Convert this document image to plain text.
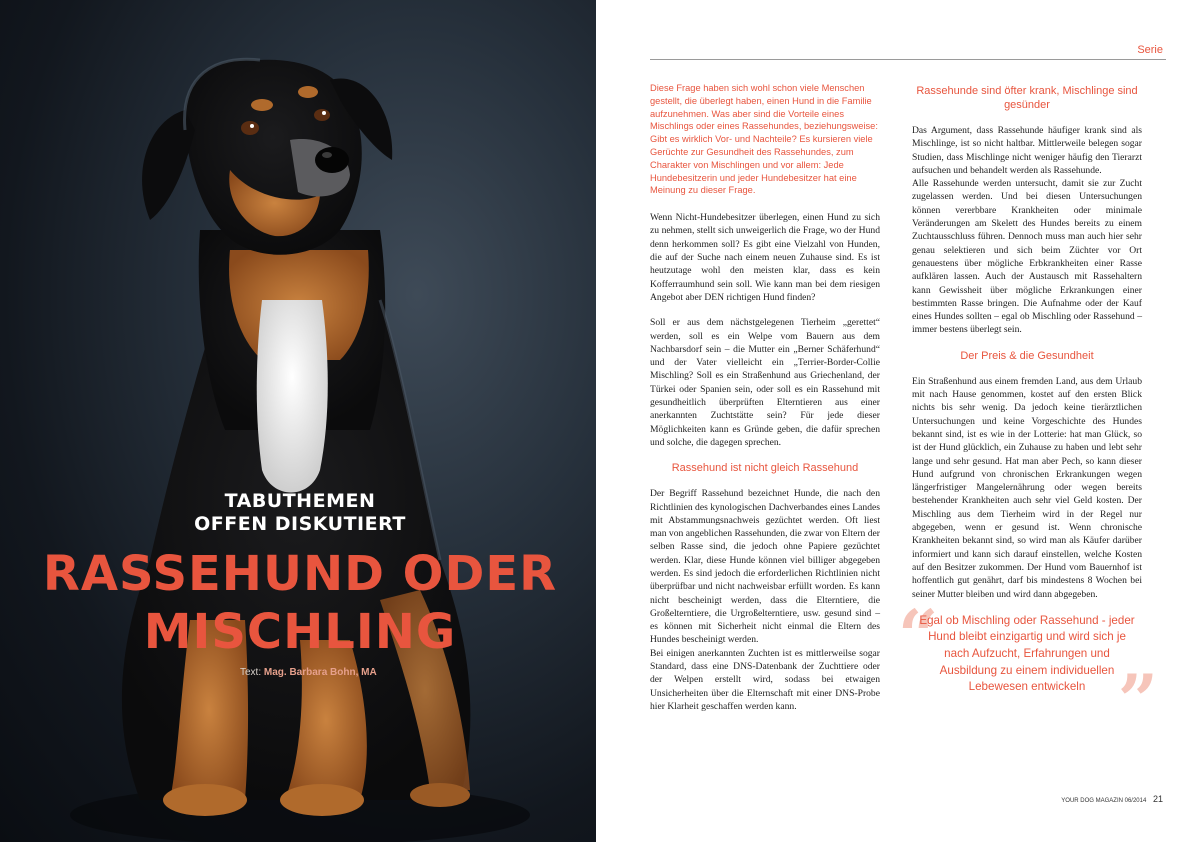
TABUTHEMEN
OFFEN DISKUTIERT
RASSEHUND ODER
MISCHLING
Text: Mag. Barbara Bohn, MA
Serie

Diese Frage haben sich wohl schon viele Menschen gestellt, die überlegt haben, einen Hund in die Familie aufzunehmen. Was aber sind die Vorteile eines Mischlings oder eines Rassehundes, beziehungsweise: Gibt es wirklich Vor- und Nachteile? Es kursieren viele Gerüchte zur Gesundheit des Rassehundes, zum Charakter von Mischlingen und vor allem: Jede Hundebesitzerin und jeder Hundebesitzer hat eine Meinung zu dieser Frage.

Wenn Nicht-Hundebesitzer überlegen, einen Hund zu sich zu nehmen, stellt sich unweigerlich die Frage, wo der Hund denn herkommen soll? Es gibt eine Vielzahl von Hunden, die auf der Suche nach einem neuen Zuhause sind. Es ist heutzutage wohl den meisten klar, dass es kein Kofferraumhund sein soll. Wie kann man bei dem riesigen Angebot aber DEN richtigen Hund finden?

Soll er aus dem nächstgelegenen Tierheim „gerettet“ werden, soll es ein Welpe vom Bauern aus dem Nachbarsdorf sein – die Mutter ein „Berner Schäferhund“ und der Vater vielleicht ein „Terrier-Border-Collie Mischling? Soll es ein Straßenhund aus Griechenland, der Türkei oder Spanien sein, oder soll es ein Rassehund mit gesundheitlich überprüften Elterntieren aus einer anerkannten Zuchtstätte sein? Für jede dieser Möglichkeiten kann es Gründe geben, die dafür sprechen und solche, die dagegen sprechen.

Rassehund ist nicht gleich Rassehund

Der Begriff Rassehund bezeichnet Hunde, die nach den Richtlinien des kynologischen Dachverbandes eines Landes mit Abstammungsnachweis gezüchtet werden. Oft liest man von angeblichen Rassehunden, die zwar von Eltern der selben Rasse sind, die jedoch ohne Papiere gezüchtet werden. Klar, diese Hunde können viel billiger abgegeben werden. Es sind jedoch die erforderlichen Richtlinien nicht überprüfbar und nicht nachweisbar erfüllt worden. Es kann nicht bescheinigt werden, dass die Elterntiere, die Großelterntiere, die Urgroßelterntiere, usw. gesund sind – es können mit Sicherheit nicht einmal die Eltern des Hundes bescheinigt werden.

Bei einigen anerkannten Zuchten ist es mittlerweilse sogar Standard, dass eine DNS-Datenbank der Zuchttiere oder der Welpen erstellt wird, sodass bei etwaigen Unsicherheiten über die Elternschaft mit einer DNS-Probe hier Klarheit geschaffen werden kann.

Rassehunde sind öfter krank, Mischlinge sind gesünder

Das Argument, dass Rassehunde häufiger krank sind als Mischlinge, ist so nicht haltbar. Mittlerweile belegen sogar Studien, dass Mischlinge nicht weniger häufig den Tierarzt aufsuchen und behandelt werden als Rassehunde.

Alle Rassehunde werden untersucht, damit sie zur Zucht zugelassen werden. Und bei diesen Untersuchungen können vererbbare Krankheiten oder minimale Veränderungen am Skelett des Hundes bereits zu einem Zuchtausschluss führen. Dennoch muss man auch hier sehr genau selektieren und sich beim Züchter vor Ort genauestens über mögliche Erbkrankheiten einer Rasse aufklären lassen. Auch der Austausch mit Rassehaltern kann Gewissheit über mögliche Erkrankungen einer bestimmten Rasse bringen. Die Aufnahme oder der Kauf eines Hundes sollten – egal ob Mischling oder Rassehund – immer bestens überlegt sein.

Der Preis & die Gesundheit

Ein Straßenhund aus einem fremden Land, aus dem Urlaub mit nach Hause genommen, kostet auf den ersten Blick nichts bis sehr wenig. Da jedoch keine tierärztlichen Untersuchungen und keine Vorgeschichte des Hundes bekannt sind, ist es wie in der Lotterie: hat man Glück, so ist der Hund glücklich, ein Zuhause zu haben und lebt sehr lange und sehr gesund. Hat man aber Pech, so kann dieser Hund aufgrund von chronischen Erkrankungen wegen längerfristiger Mangelernährung oder wegen bereits bestehender Krankheiten auch sehr viel Geld kosten. Der Mischling aus dem Tierheim wird in der Regel nur abgegeben, wenn er gesund ist. Wenn chronische Krankheiten bekannt sind, so wird man als Käufer darüber informiert und kann sich darauf einstellen, welche Kosten auf den Besitzer zukommen. Der Hund vom Bauernhof ist hoffentlich gut genährt, darf bis mindestens 8 Wochen bei seiner Mutter bleiben und wird dann abgegeben.

“
”
Egal ob Mischling oder Rassehund - jeder Hund bleibt einzigartig und wird sich je nach Aufzucht, Erfahrungen und Ausbildung zu einem individuellen Lebewesen entwickeln
YOUR DOG MAGAZIN 06/2014 21
